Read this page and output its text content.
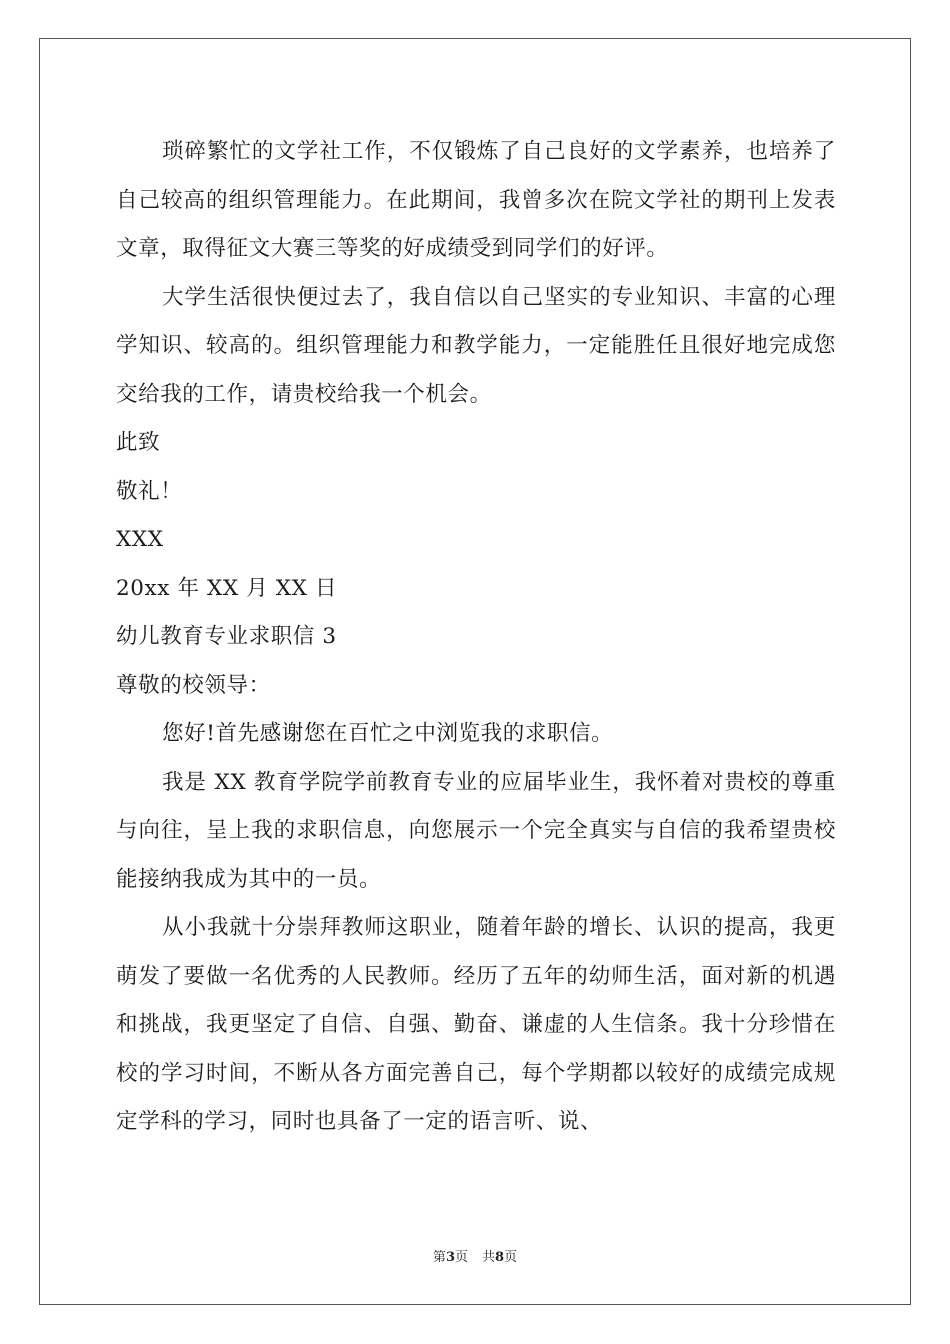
琐碎繁忙的文学社工作，不仅锻炼了自己良好的文学素养，也培养了自己较高的组织管理能力。在此期间，我曾多次在院文学社的期刊上发表文章，取得征文大赛三等奖的好成绩受到同学们的好评。

大学生活很快便过去了，我自信以自己坚实的专业知识、丰富的心理学知识、较高的。组织管理能力和教学能力，一定能胜任且很好地完成您交给我的工作，请贵校给我一个机会。

此致

敬礼！

XXX

20xx 年 XX 月 XX 日

幼儿教育专业求职信 3

尊敬的校领导：

您好!首先感谢您在百忙之中浏览我的求职信。

我是 XX 教育学院学前教育专业的应届毕业生，我怀着对贵校的尊重与向往，呈上我的求职信息，向您展示一个完全真实与自信的我希望贵校能接纳我成为其中的一员。

从小我就十分崇拜教师这职业，随着年龄的增长、认识的提高，我更萌发了要做一名优秀的人民教师。经历了五年的幼师生活，面对新的机遇和挑战，我更坚定了自信、自强、勤奋、谦虚的人生信条。我十分珍惜在校的学习时间，不断从各方面完善自己，每个学期都以较好的成绩完成规定学科的学习，同时也具备了一定的语言听、说、

第3页 共8页
